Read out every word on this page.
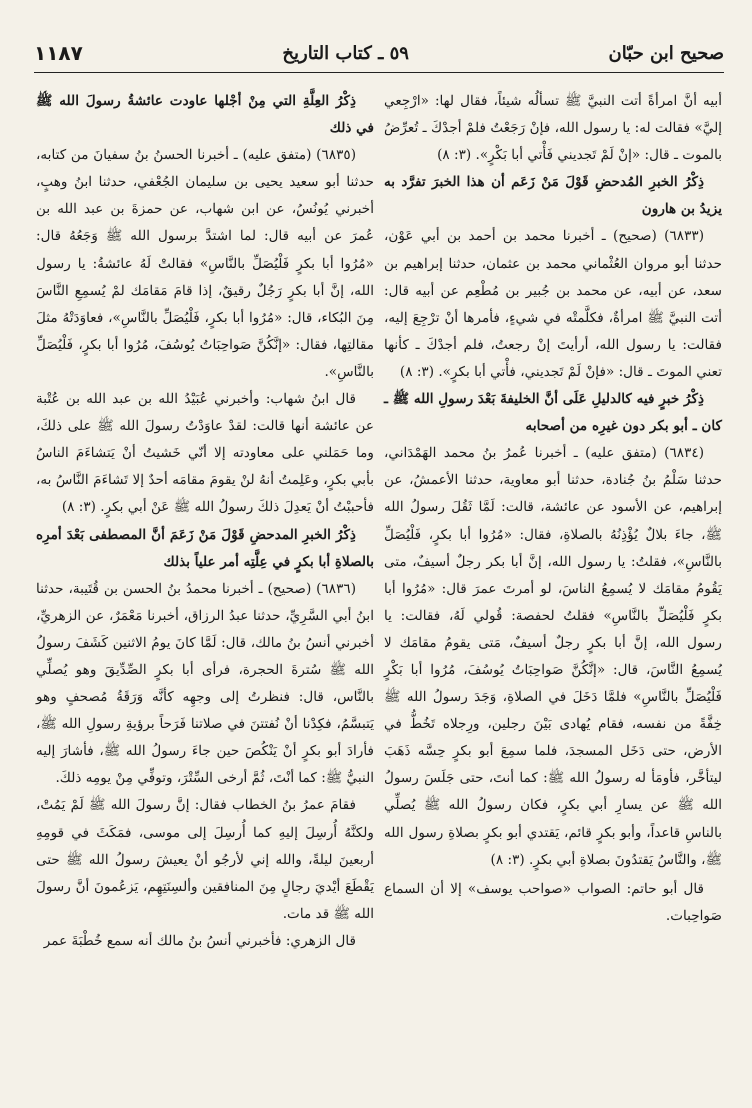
صحيح ابن حبّان
٥٩ ـ كتاب التاريخ
١١٨٧

أبيه أنَّ امرأةً أتت النبيَّ ﷺ تسألُه شيئاً، فقال لها: «ارْجِعي إليَّ» فقالت له: يا رسول الله، فإنْ رَجَعْتُ فلمْ أجدْكَ ـ تُعرِّضُ بالموت ـ قال: «إنْ لَمْ تَجديني فَأْتي أبا بَكْرٍ». (٣: ٨)

ذِكْرُ الخبرِ المُدحضِ قَوْلَ مَنْ زَعَم أن هذا الخبرَ تفرَّد به يزيدُ بن هارون

(٦٨٣٣) (صحيح) ـ أخبرنا محمد بن أحمد بن أبي عَوْن، حدثنا أبو مروان العُثْماني محمد بن عثمان، حدثنا إبراهيم بن سعد، عن أبيه، عن محمد بن جُبير بن مُطْعِم عن أبيه قال: أتت النبيَّ ﷺ امرأةٌ، فكلَّمتْه في شيءٍ، فأمرها أنْ ترْجِعَ إليه، فقالت: يا رسول الله، أرأيتَ إنْ رجعتُ، فلم أجدْكَ ـ كأنها تعني الموتَ ـ قال: «فإنْ لَمْ تَجديني، فأْتي أبا بكرٍ». (٣: ٨)

ذِكْرُ خبرٍ فيه كالدليلِ عَلَى أنَّ الخليفةَ بَعْدَ رسولِ الله ﷺ ـ كان ـ أبو بكر دون غيرِه من أصحابه

(٦٨٣٤) (متفق عليه) ـ أخبرنا عُمرُ بنُ محمد الهَمْدَاني، حدثنا سَلْمُ بنُ جُنادة، حدثنا أبو معاوية، حدثنا الأعمشُ، عن إبراهيم، عن الأسود عن عائشة، قالت: لَمَّا ثَقُلَ رسولُ الله ﷺ، جاءَ بلالٌ يُؤْذِنُهُ بالصلاةِ، فقال: «مُرُوا أبا بكرٍ، فَلْيُصَلِّ بالنَّاسِ»، فقلتُ: يا رسول الله، إنَّ أبا بكر رجلٌ أسيفٌ، متى يَقُومُ مقامَك لا يُسمِعُ الناسَ، لو أمرتَ عمرَ قال: «مُرُوا أبا بكرٍ فَلْيُصَلِّ بالنَّاسِ» فقلتُ لحفصة: قُولي لَهُ، فقالت: يا رسول الله، إنَّ أبا بكرٍ رجلٌ أسيفٌ، مَتى يقومُ مقامَك لا يُسمِعُ النَّاسَ، قال: «إنَّكُنَّ صَواحِبَاتُ يُوسُفَ، مُرُوا أبا بَكْرٍ فَلْيُصَلِّ بالنَّاسِ» فلمَّا دَخَلَ في الصلاةِ، وَجَدَ رسولُ الله ﷺ خِفَّةً من نفسه، فقام يُهادى بَيْنَ رجلين، ورِجلاه تَخُطُّ في الأرض، حتى دَخَل المسجدَ، فلما سمِعَ أبو بكرٍ حِسَّه ذَهَبَ ليتأخَّر، فأومَأ له رسولُ الله ﷺ: كما أنتَ، حتى جَلَسَ رسولُ الله ﷺ عن يسارِ أبي بكرٍ، فكان رسولُ الله ﷺ يُصلِّي بالناسِ قاعداً، وأبو بكرٍ قائم، يَقتدي أبو بكرٍ بصلاةِ رسول الله ﷺ، والنَّاسُ يَقتدُونَ بصلاةِ أبي بكرٍ. (٣: ٨)

قال أبو حاتم: الصواب «صواحب يوسف» إلا أن السماع صَواحِبات.

ذِكْرُ العِلَّةِ التي مِنْ أجْلها عاودت عائشةُ رسولَ الله ﷺ في ذلك

(٦٨٣٥) (متفق عليه) ـ أخبرنا الحسنُ بنُ سفيانَ من كتابه، حدثنا أبو سعيد يحيى بن سليمان الجُعْفي، حدثنا ابنُ وهبٍ، أخبرني يُونُسُ، عن ابن شهاب، عن حمزةَ بن عبد الله بن عُمرَ عن أبيه قال: لما اشتدَّ برسول الله ﷺ وَجَعُهُ قال: «مُرُوا أبا بكرٍ فَلْيُصَلِّ بالنَّاسِ» فقالتْ لَهُ عائشةُ: يا رسول الله، إنَّ أبا بكرٍ رَجُلٌ رقيقٌ، إذا قامَ مَقامَك لمْ يُسمِعِ النَّاسَ مِنَ البُكاء، قال: «مُرُوا أبا بكرٍ، فَلْيُصَلِّ بالنَّاسِ»، فعاوَدَتْهُ مثلَ مقالتِها، فقال: «إنَّكُنَّ صَواحِبَاتُ يُوسُفَ، مُرُوا أبا بكرٍ، فَلْيُصَلِّ بالنَّاسِ».

قال ابنُ شهاب: وأخبرني عُبَيْدُ الله بن عبد الله بن عُتْبة عن عائشة أنها قالت: لقدْ عاوَدْتُ رسولَ الله ﷺ على ذلكَ، وما حَمَلني على معاودته إلا أنّي خَشيتُ أنْ يَتشاءَمَ الناسُ بأبي بكرٍ، وعَلِمتُ أنهُ لنْ يقومَ مقامَه أحدٌ إلا تَشاءَمَ النَّاسُ به، فأحببْتُ أنْ يَعدِلَ ذلكَ رسولُ الله ﷺ عَنْ أبي بكرٍ. (٣: ٨)

ذِكْرُ الخبرِ المدحضِ قَوْلَ مَنْ زَعَمَ أنَّ المصطفى بَعْدَ أمرِه بالصلاةِ أبا بكرٍ في عِلَّتِه أمر علياً بذلك

(٦٨٣٦) (صحيح) ـ أخبرنا محمدُ بنُ الحسن بن قُتَيبة، حدثنا ابنُ أبي السَّرِيِّ، حدثنا عبدُ الرزاق، أخبرنا مَعْمَرٌ، عن الزهريِّ، أخبرني أنسُ بنُ مالك، قال: لَمَّا كانَ يومُ الاثنين كَشَفَ رسولُ الله ﷺ سُترةَ الحجرة، فرأى أبا بكرٍ الصِّدِّيقَ وهو يُصلِّي بالنَّاس، قال: فنظرتُ إلى وجهِه كأنَّه وَرَقَةُ مُصحفٍ وهو يَتبسَّمُ، فكِدْنا أنْ نُفتتنَ في صلاتنا فَرَحاً برؤيةِ رسولِ الله ﷺ، فأرادَ أبو بكرٍ أنْ يَنْكُصَ حين جاءَ رسولُ الله ﷺ، فأشارَ إليه النبيُّ ﷺ: كما أنْتَ، ثُمَّ أرخى السِّتْرَ، وتوفِّي مِنْ يومِه ذلكَ.

فقامَ عمرُ بنُ الخطاب فقال: إنَّ رسولَ الله ﷺ لَمْ يَمُتْ، ولكنَّهُ أُرسِلَ إليهِ كما أُرسِلَ إلى موسى، فمَكَثَ في قومِهِ أربعينَ ليلةً، والله إني لأرجُو أنْ يعيشَ رسولُ الله ﷺ حتى يَقْطَعَ أيْديَ رجالٍ مِنَ المنافقين وألسِنَتِهِم، يَزعُمونَ أنَّ رسولَ الله ﷺ قد مات.

قال الزهري: فأخبرني أنسُ بنُ مالك أنه سمع خُطْبَةَ عمر
